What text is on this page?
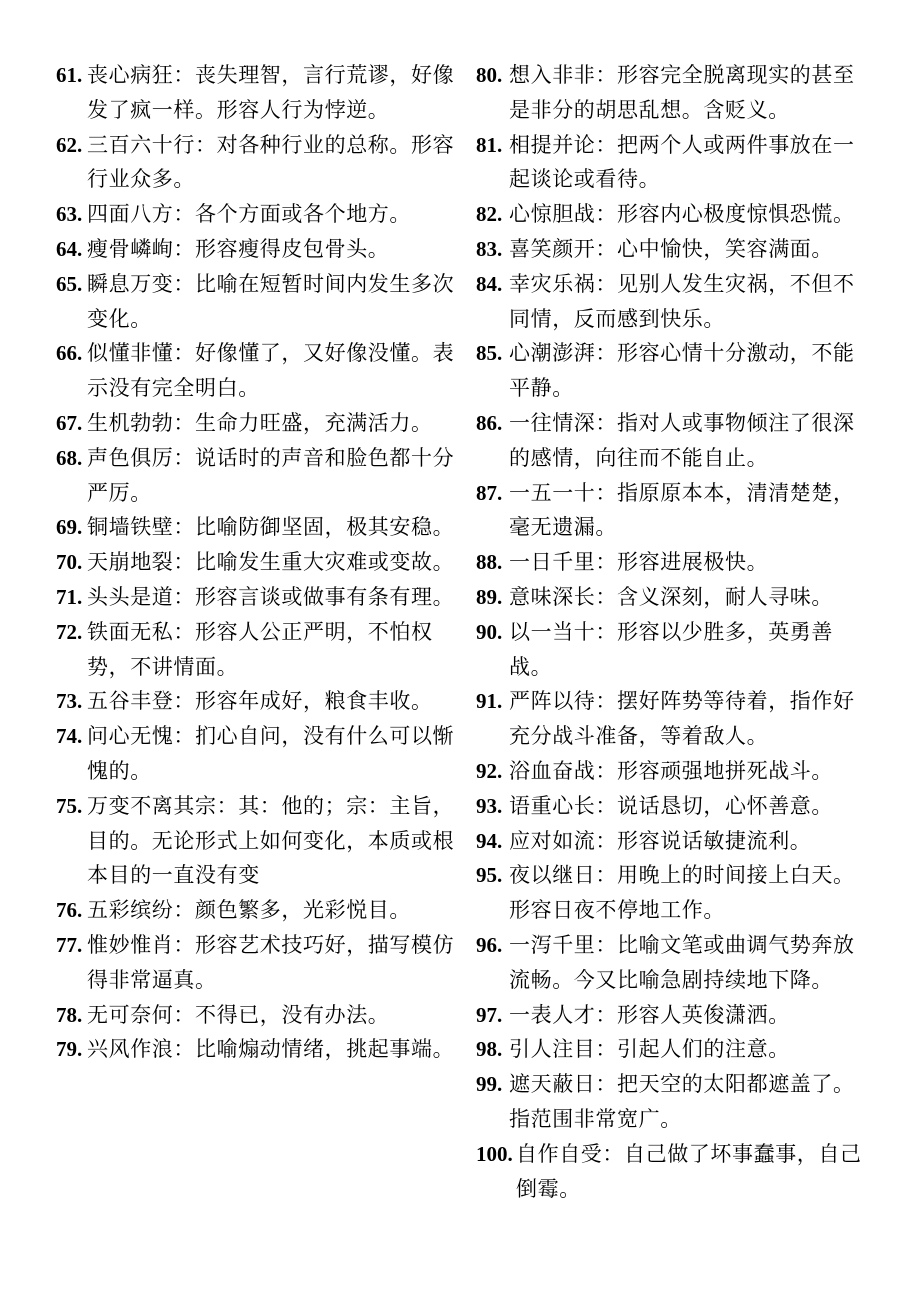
61. 丧心病狂：丧失理智，言行荒谬，好像发了疯一样。形容人行为悖逆。
62. 三百六十行：对各种行业的总称。形容行业众多。
63. 四面八方：各个方面或各个地方。
64. 瘦骨嶙峋：形容瘦得皮包骨头。
65. 瞬息万变：比喻在短暂时间内发生多次变化。
66. 似懂非懂：好像懂了，又好像没懂。表示没有完全明白。
67. 生机勃勃：生命力旺盛，充满活力。
68. 声色俱厉：说话时的声音和脸色都十分严厉。
69. 铜墙铁壁：比喻防御坚固，极其安稳。
70. 天崩地裂：比喻发生重大灾难或变故。
71. 头头是道：形容言谈或做事有条有理。
72. 铁面无私：形容人公正严明，不怕权势，不讲情面。
73. 五谷丰登：形容年成好，粮食丰收。
74. 问心无愧：扪心自问，没有什么可以惭愧的。
75. 万变不离其宗：其：他的；宗：主旨，目的。无论形式上如何变化，本质或根本目的一直没有变
76. 五彩缤纷：颜色繁多，光彩悦目。
77. 惟妙惟肖：形容艺术技巧好，描写模仿得非常逼真。
78. 无可奈何：不得已，没有办法。
79. 兴风作浪：比喻煽动情绪，挑起事端。
80. 想入非非：形容完全脱离现实的甚至是非分的胡思乱想。含贬义。
81. 相提并论：把两个人或两件事放在一起谈论或看待。
82. 心惊胆战：形容内心极度惊惧恐慌。
83. 喜笑颜开：心中愉快，笑容满面。
84. 幸灾乐祸：见别人发生灾祸，不但不同情，反而感到快乐。
85. 心潮澎湃：形容心情十分激动，不能平静。
86. 一往情深：指对人或事物倾注了很深的感情，向往而不能自止。
87. 一五一十：指原原本本，清清楚楚，毫无遗漏。
88. 一日千里：形容进展极快。
89. 意味深长：含义深刻，耐人寻味。
90. 以一当十：形容以少胜多，英勇善战。
91. 严阵以待：摆好阵势等待着，指作好充分战斗准备，等着敌人。
92. 浴血奋战：形容顽强地拼死战斗。
93. 语重心长：说话恳切，心怀善意。
94. 应对如流：形容说话敏捷流利。
95. 夜以继日：用晚上的时间接上白天。形容日夜不停地工作。
96. 一泻千里：比喻文笔或曲调气势奔放流畅。今又比喻急剧持续地下降。
97. 一表人才：形容人英俊潇洒。
98. 引人注目：引起人们的注意。
99. 遮天蔽日：把天空的太阳都遮盖了。指范围非常宽广。
100. 自作自受：自己做了坏事蠢事，自己倒霉。
